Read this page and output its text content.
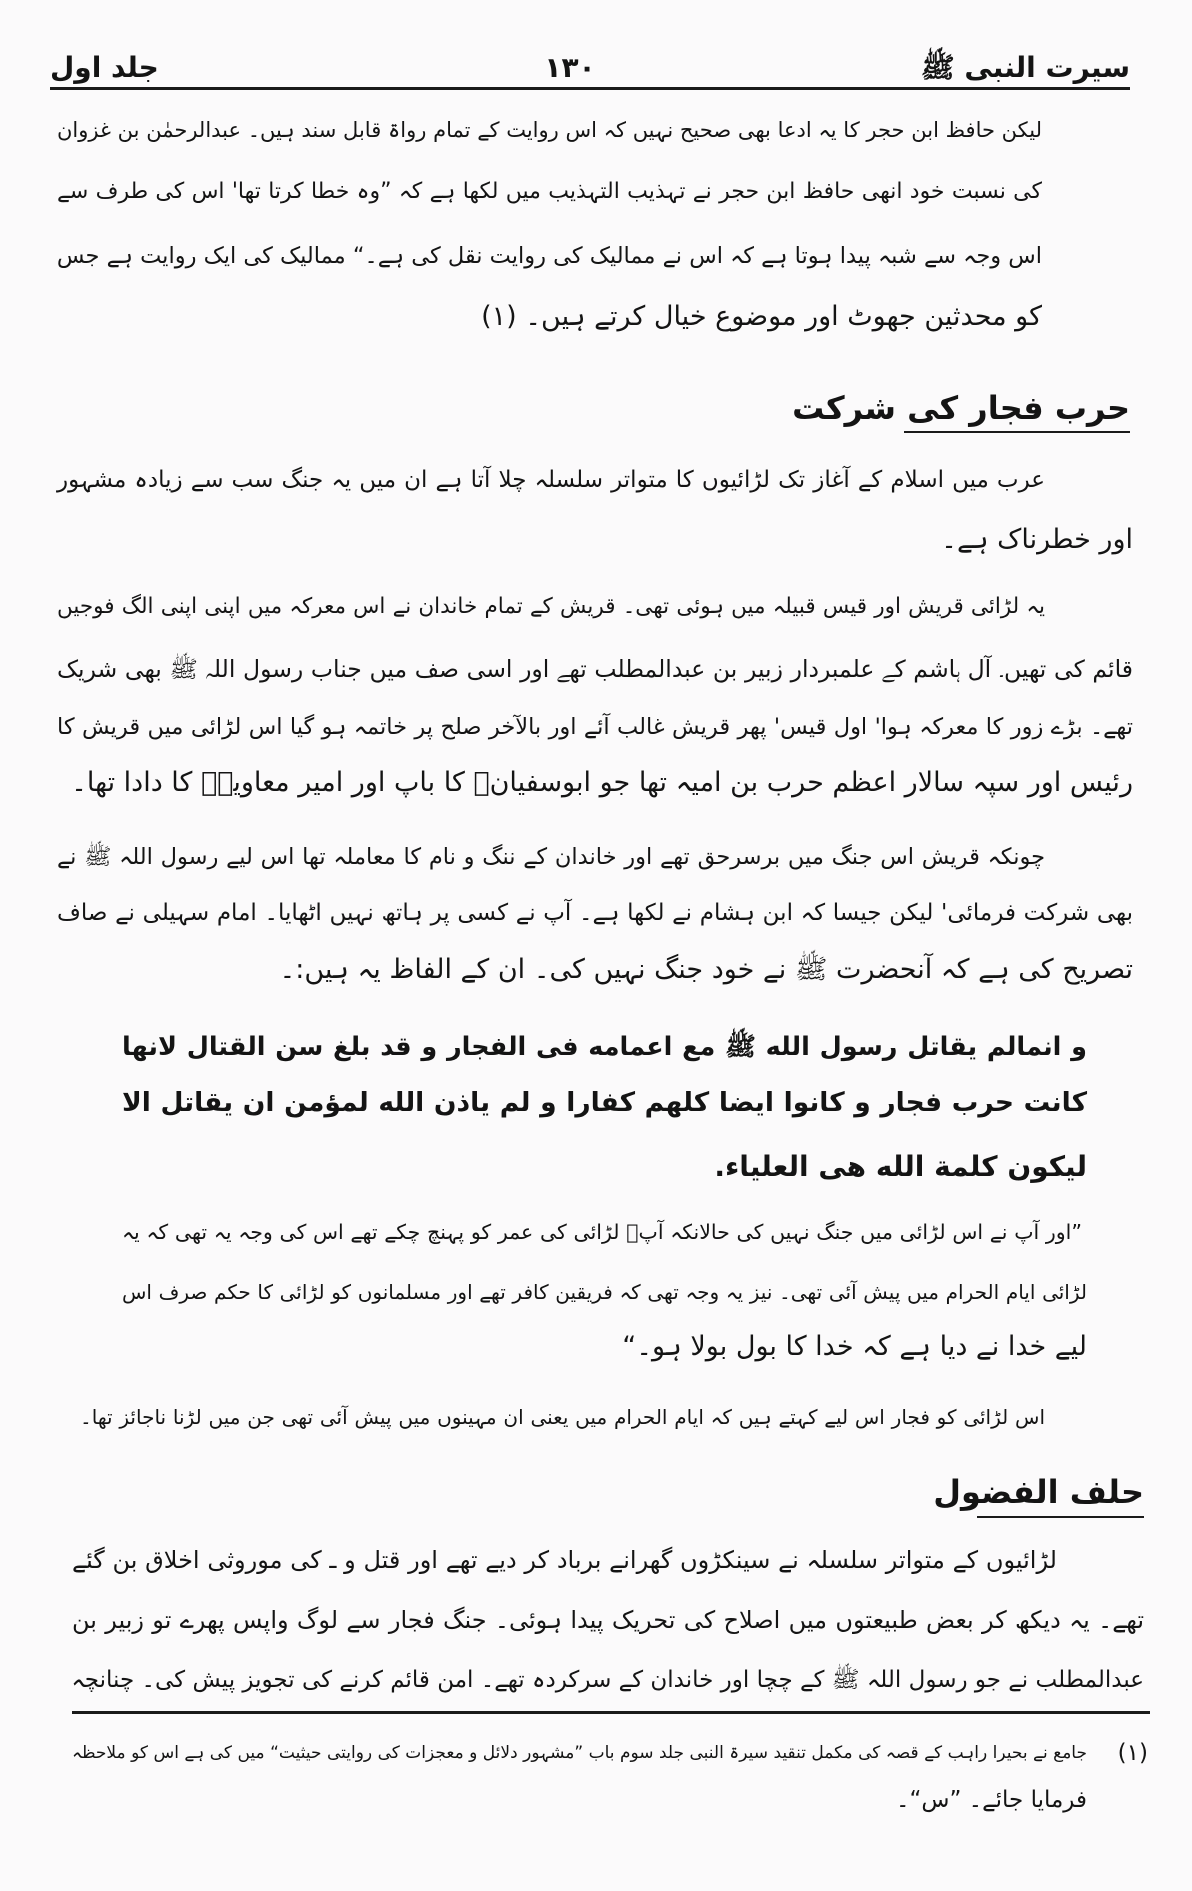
سیرت النبی ﷺ
۱۳۰
جلد اول
لیکن حافظ ابن حجر کا یہ ادعا بھی صحیح نہیں کہ اس روایت کے تمام رواۃ قابل سند ہیں۔ عبدالرحمٰن بن غزوان
کی نسبت خود انھی حافظ ابن حجر نے تہذیب التہذیب میں لکھا ہے کہ ”وہ خطا کرتا تھا' اس کی طرف سے
اس وجہ سے شبہ پیدا ہوتا ہے کہ اس نے ممالیک کی روایت نقل کی ہے۔“ ممالیک کی ایک روایت ہے جس
کو محدثین جھوٹ اور موضوع خیال کرتے ہیں۔ (۱)
حرب فجار کی شرکت
عرب میں اسلام کے آغاز تک لڑائیوں کا متواتر سلسلہ چلا آتا ہے ان میں یہ جنگ سب سے زیادہ مشہور
اور خطرناک ہے۔
یہ لڑائی قریش اور قیس قبیلہ میں ہوئی تھی۔ قریش کے تمام خاندان نے اس معرکہ میں اپنی اپنی الگ فوجیں
قائم کی تھیں۔ آل ہاشم کے علمبردار زبیر بن عبدالمطلب تھے اور اسی صف میں جناب رسول اللہ ﷺ بھی شریک
تھے۔ بڑے زور کا معرکہ ہوا' اول قیس' پھر قریش غالب آئے اور بالآخر صلح پر خاتمہ ہو گیا اس لڑائی میں قریش کا
رئیس اور سپہ سالار اعظم حرب بن امیہ تھا جو ابوسفیانؓ کا باپ اور امیر معاویہؓ کا دادا تھا۔
چونکہ قریش اس جنگ میں برسرحق تھے اور خاندان کے ننگ و نام کا معاملہ تھا اس لیے رسول اللہ ﷺ نے
بھی شرکت فرمائی' لیکن جیسا کہ ابن ہشام نے لکھا ہے۔ آپ نے کسی پر ہاتھ نہیں اٹھایا۔ امام سہیلی نے صاف
تصریح کی ہے کہ آنحضرت ﷺ نے خود جنگ نہیں کی۔ ان کے الفاظ یہ ہیں:۔
و انمالم يقاتل رسول الله ﷺ مع اعمامه فى الفجار و قد بلغ سن القتال لانها
كانت حرب فجار و كانوا ايضا كلهم كفارا و لم ياذن الله لمؤمن ان يقاتل الا
ليكون كلمة الله هى العلياء.
”اور آپ نے اس لڑائی میں جنگ نہیں کی حالانکہ آپؐ لڑائی کی عمر کو پہنچ چکے تھے اس کی وجہ یہ تھی کہ یہ
لڑائی ایام الحرام میں پیش آئی تھی۔ نیز یہ وجہ تھی کہ فریقین کافر تھے اور مسلمانوں کو لڑائی کا حکم صرف اس
لیے خدا نے دیا ہے کہ خدا کا بول بولا ہو۔“
اس لڑائی کو فجار اس لیے کہتے ہیں کہ ایام الحرام میں یعنی ان مہینوں میں پیش آئی تھی جن میں لڑنا ناجائز تھا۔
حلف الفضول
لڑائیوں کے متواتر سلسلہ نے سینکڑوں گھرانے برباد کر دیے تھے اور قتل و ـ کی موروثی اخلاق بن گئے
تھے۔ یہ دیکھ کر بعض طبیعتوں میں اصلاح کی تحریک پیدا ہوئی۔ جنگ فجار سے لوگ واپس پھرے تو زبیر بن
عبدالمطلب نے جو رسول اللہ ﷺ کے چچا اور خاندان کے سرکردہ تھے۔ امن قائم کرنے کی تجویز پیش کی۔ چنانچہ
(۱)
جامع نے بحیرا راہب کے قصہ کی مکمل تنقید سیرۃ النبی جلد سوم باب ”مشہور دلائل و معجزات کی روایتی حیثیت“ میں کی ہے اس کو ملاحظہ
فرمایا جائے۔ ”س“۔
